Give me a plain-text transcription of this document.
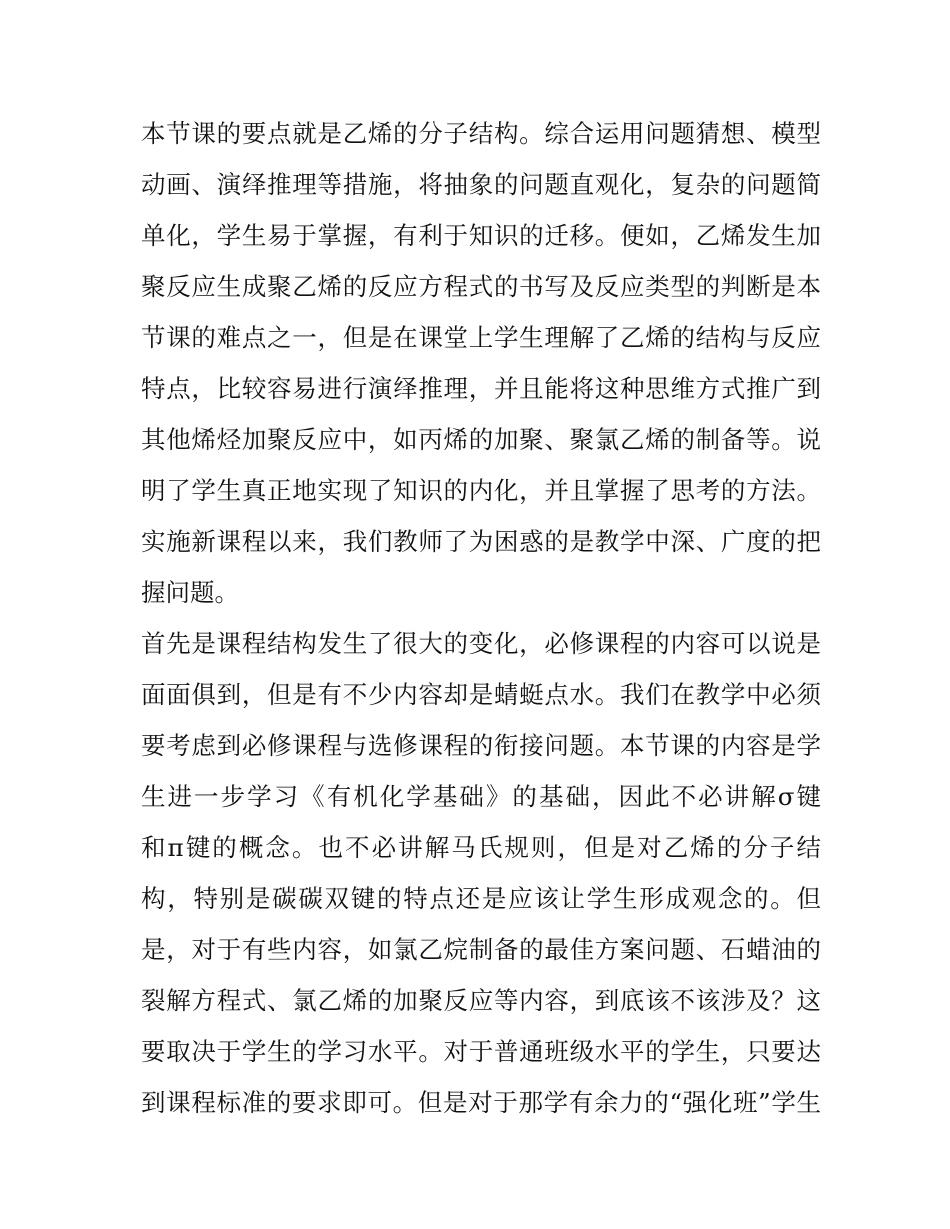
本节课的要点就是乙烯的分子结构。综合运用问题猜想、模型
动画、演绎推理等措施，将抽象的问题直观化，复杂的问题简
单化，学生易于掌握，有利于知识的迁移。便如，乙烯发生加
聚反应生成聚乙烯的反应方程式的书写及反应类型的判断是本
节课的难点之一，但是在课堂上学生理解了乙烯的结构与反应
特点，比较容易进行演绎推理，并且能将这种思维方式推广到
其他烯烃加聚反应中，如丙烯的加聚、聚氯乙烯的制备等。说
明了学生真正地实现了知识的内化，并且掌握了思考的方法。
实施新课程以来，我们教师了为困惑的是教学中深、广度的把
握问题。
首先是课程结构发生了很大的变化，必修课程的内容可以说是
面面俱到，但是有不少内容却是蜻蜓点水。我们在教学中必须
要考虑到必修课程与选修课程的衔接问题。本节课的内容是学
生进一步学习《有机化学基础》的基础，因此不必讲解σ键
和π键的概念。也不必讲解马氏规则，但是对乙烯的分子结
构，特别是碳碳双键的特点还是应该让学生形成观念的。但
是，对于有些内容，如氯乙烷制备的最佳方案问题、石蜡油的
裂解方程式、氯乙烯的加聚反应等内容，到底该不该涉及？这
要取决于学生的学习水平。对于普通班级水平的学生，只要达
到课程标准的要求即可。但是对于那学有余力的“强化班”学生
